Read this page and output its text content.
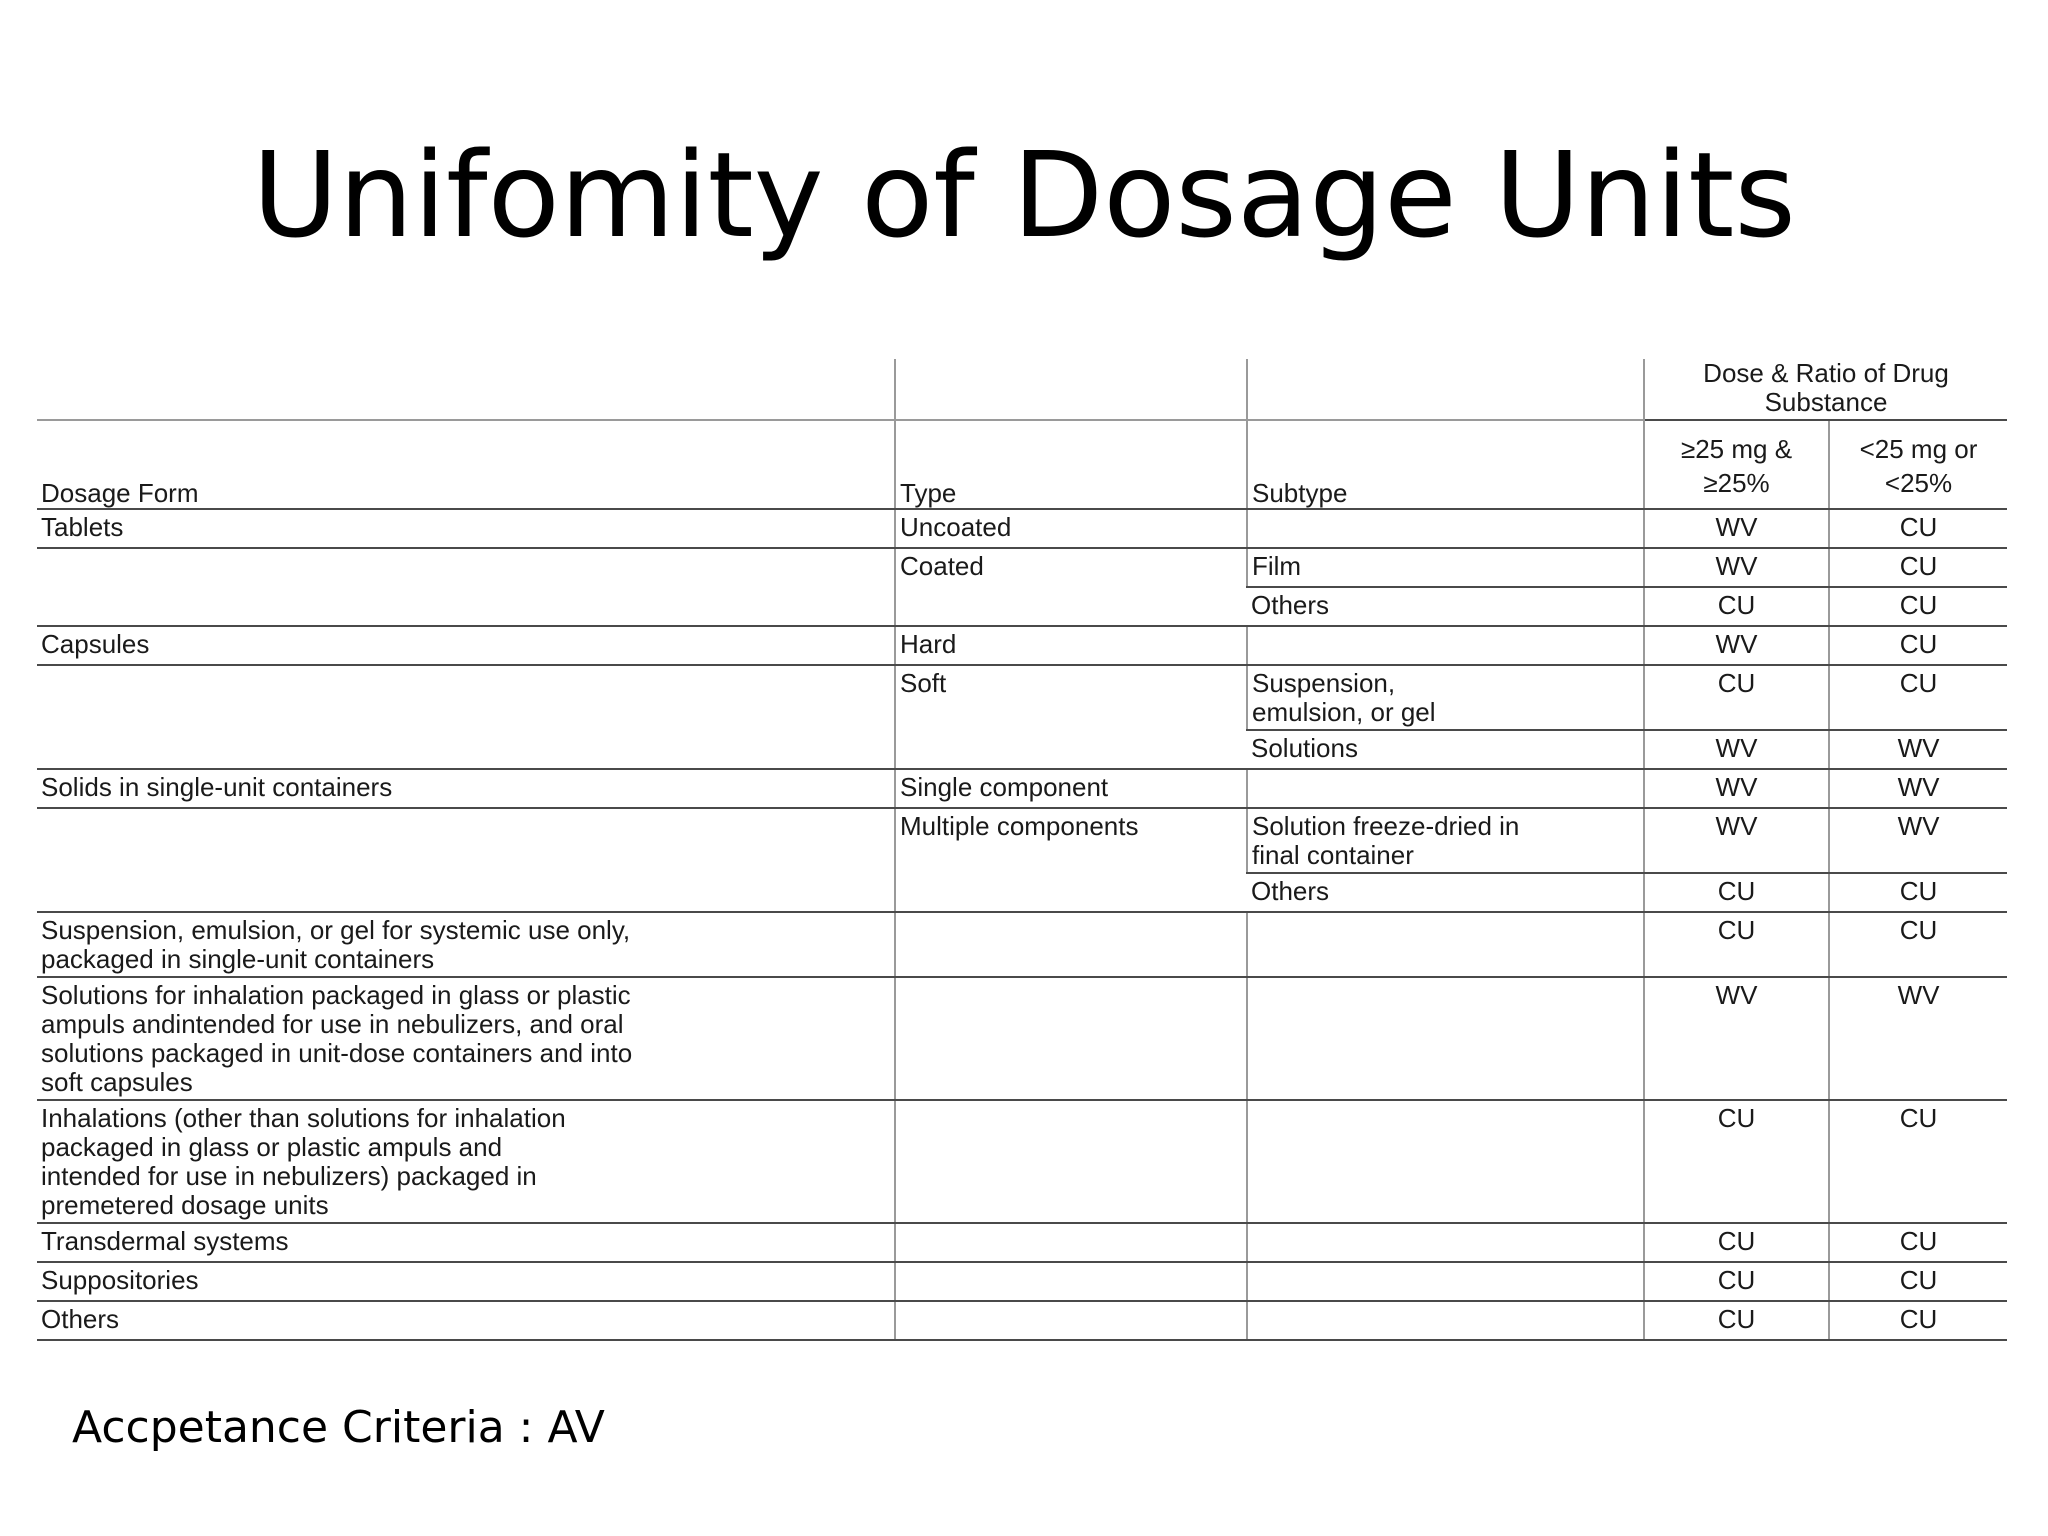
Unifomity of Dosage Units
			Dose & Ratio of Drug Substance	
Dosage Form	Type	Subtype	≥25 mg & ≥25%	<25 mg or <25%
Tablets	Uncoated		WV	CU
	Coated	Film	WV	CU
		Others	CU	CU
Capsules	Hard		WV	CU
	Soft	Suspension, emulsion, or gel	CU	CU
		Solutions	WV	WV
Solids in single-unit containers	Single component		WV	WV
	Multiple components	Solution freeze-dried in final container	WV	WV
		Others	CU	CU
Suspension, emulsion, or gel for systemic use only, packaged in single-unit containers			CU	CU
Solutions for inhalation packaged in glass or plastic ampuls andintended for use in nebulizers, and oral solutions packaged in unit-dose containers and into soft capsules			WV	WV
Inhalations (other than solutions for inhalation packaged in glass or plastic ampuls and intended for use in nebulizers) packaged in premetered dosage units			CU	CU
Transdermal systems			CU	CU
Suppositories			CU	CU
Others			CU	CU
Accpetance Criteria : AV
